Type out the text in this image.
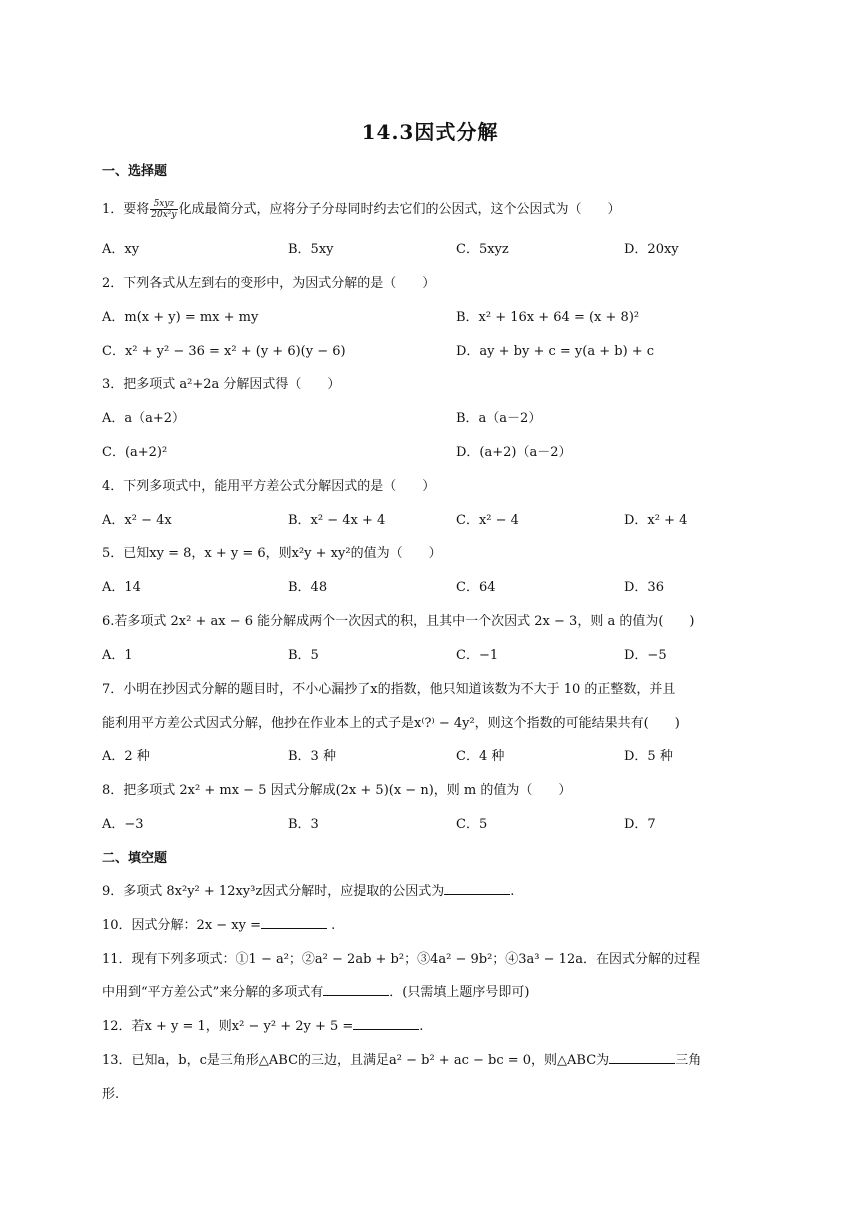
14.3因式分解
一、选择题
1．要将 $\frac{\text{5xyz}}{\text{20x²y}}$ 化成最简分式，应将分子分母同时约去它们的公因式，这个公因式为（　　）
A．xy	B．5xy	C．5xyz	D．20xy
2．下列各式从左到右的变形中，为因式分解的是（　　）
A．m(x + y) = mx + my	B．x² + 16x + 64 = (x + 8)²
C．x² + y² − 36 = x² + (y + 6)(y − 6)	D．ay + by + c = y(a + b) + c
3．把多项式 a²+2a 分解因式得（　　）
A．a（a+2）	B．a（a－2）
C．(a+2)²	D．(a+2)（a－2）
4．下列多项式中，能用平方差公式分解因式的是（　　）
A．x² − 4x	B．x² − 4x + 4	C．x² − 4	D．x² + 4
5．已知xy = 8，x + y = 6，则x²y + xy²的值为（　　）
A．14	B．48	C．64	D．36
6.若多项式 2x² + ax − 6 能分解成两个一次因式的积，且其中一个次因式 2x − 3，则 a 的值为(　　)
A．1	B．5	C．−1	D．−5
7．小明在抄因式分解的题目时，不小心漏抄了x的指数，他只知道该数为不大于 10 的正整数，并且
能利用平方差公式因式分解，他抄在作业本上的式子是x⁽?⁾ − 4y²，则这个指数的可能结果共有(　　)
A．2 种	B．3 种	C．4 种	D．5 种
8．把多项式 2x² + mx − 5 因式分解成(2x + 5)(x − n)，则 m 的值为（　　）
A．−3	B．3	C．5	D．7
二、填空题
9．多项式 8x²y² + 12xy³z因式分解时，应提取的公因式为	.
10．因式分解：2x − xy =	.
11．现有下列多项式：①1 − a²；②a² − 2ab + b²；③4a² − 9b²；④3a³ − 12a．在因式分解的过程
中用到“平方差公式”来分解的多项式有	．(只需填上题序号即可)
12．若x + y = 1，则x² − y² + 2y + 5 =	.
13．已知a，b，c是三角形△ABC的三边，且满足a² − b² + ac − bc = 0，则△ABC为	三角
形.
